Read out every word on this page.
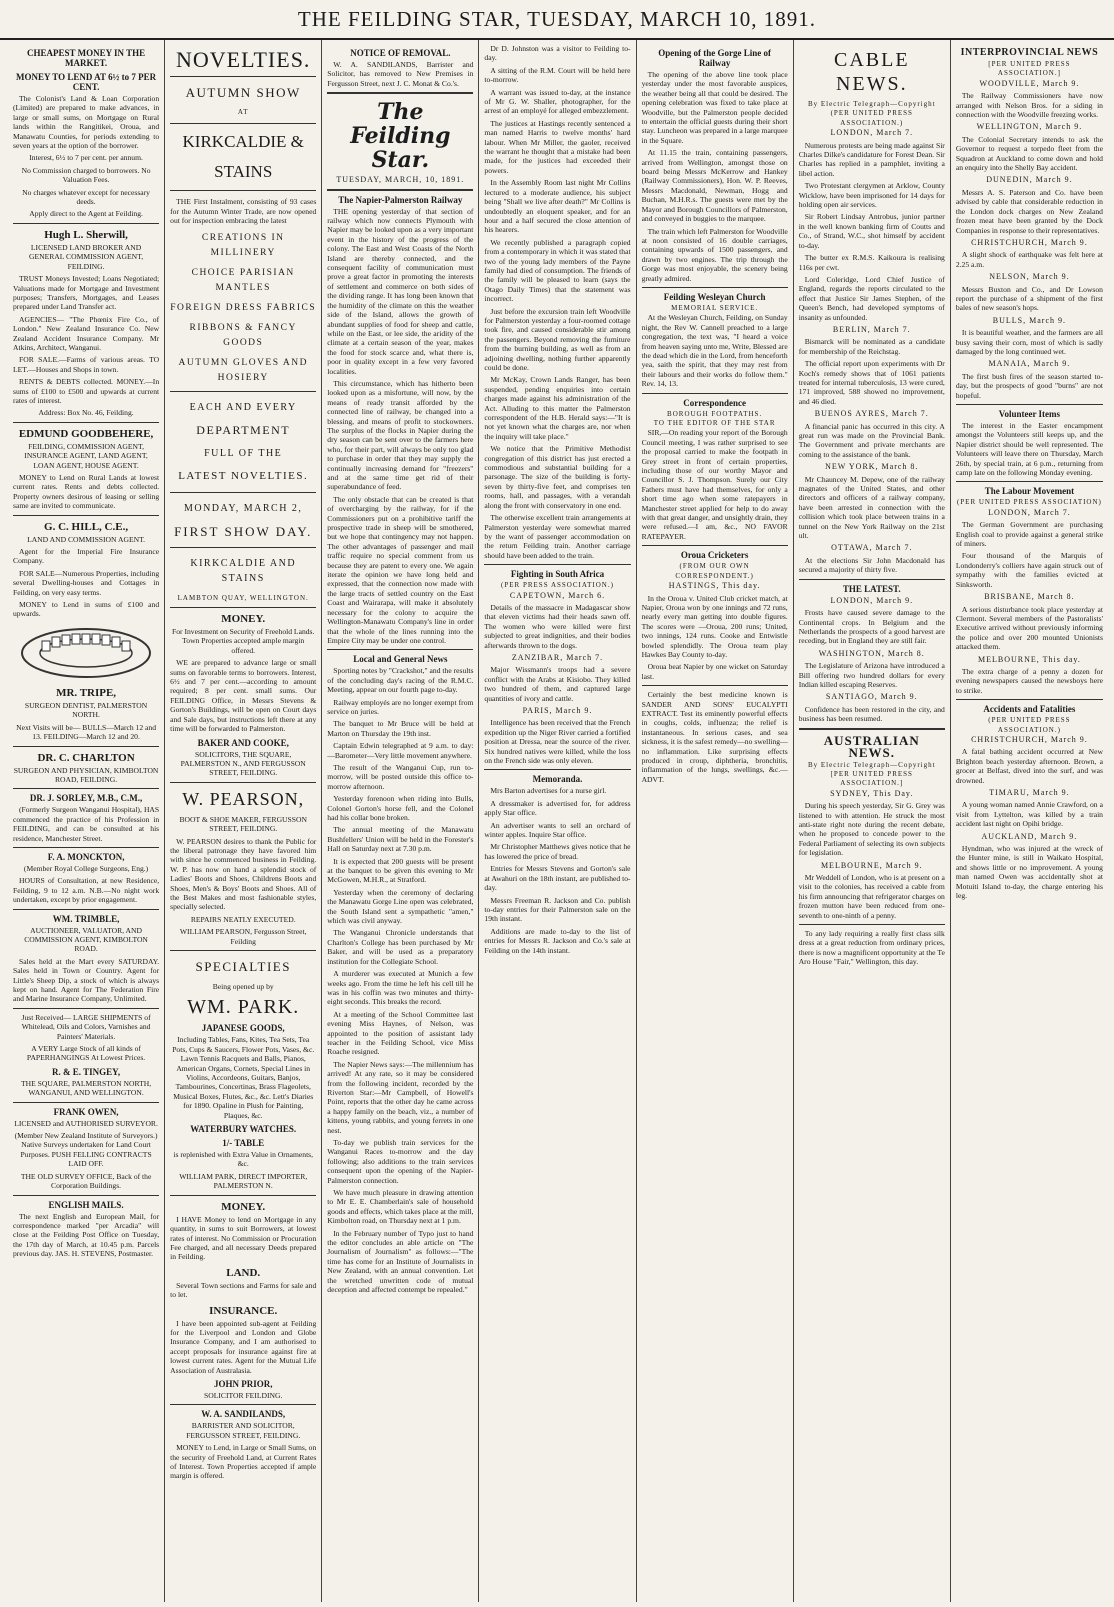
THE FEILDING STAR, TUESDAY, MARCH 10, 1891.
CHEAPEST MONEY IN THE MARKET.
MONEY TO LEND AT 6½ to 7 PER CENT.

The Colonist's Land & Loan Corporation (Limited) are prepared to make advances, in large or small sums, on Mortgage on Rural lands within the Rangitikei, Oroua, and Manawatu Counties, for periods extending to seven years at the option of the borrower.

Interest, 6½ to 7 per cent. per annum.

No Commission charged to borrowers. No Valuation Fees.

No charges whatever except for necessary deeds.

Apply direct to the Agent at Feilding.

Hugh L. Sherwill,

LICENSED LAND BROKER AND GENERAL COMMISSION AGENT, FEILDING.

TRUST Moneys Invested; Loans Negotiated; Valuations made for Mortgage and Investment purposes; Transfers, Mortgages, and Leases prepared under Land Transfer act.

AGENCIES— "The Phœnix Fire Co., of London." New Zealand Insurance Co. New Zealand Accident Insurance Company. Mr Atkins, Architect, Wanganui.

FOR SALE.—Farms of various areas. TO LET.—Houses and Shops in town.

RENTS & DEBTS collected. MONEY.—In sums of £100 to £500 and upwards at current rates of interest.

Address: Box No. 46, Feilding.

EDMUND GOODBEHERE,

FEILDING, COMMISSION AGENT, INSURANCE AGENT, LAND AGENT, LOAN AGENT, HOUSE AGENT.

MONEY to Lend on Rural Lands at lowest current rates. Rents and debts collected. Property owners desirous of leasing or selling same are invited to communicate.

G. C. HILL, C.E.,

LAND AND COMMISSION AGENT.

Agent for the Imperial Fire Insurance Company.

FOR SALE—Numerous Properties, including several Dwelling-houses and Cottages in Feilding, on very easy terms.

MONEY to Lend in sums of £100 and upwards.

MR. TRIPE,

SURGEON DENTIST, PALMERSTON NORTH.

Next Visits will be— BULLS—March 12 and 13. FEILDING—March 12 and 20.

DR. C. CHARLTON

SURGEON AND PHYSICIAN, KIMBOLTON ROAD, FEILDING.

DR. J. SORLEY, M.B., C.M.,

(Formerly Surgeon Wanganui Hospital), HAS commenced the practice of his Profession in FEILDING, and can be consulted at his residence, Manchester Street.

F. A. MONCKTON,

(Member Royal College Surgeons, Eng.)

HOURS of Consultation, at new Residence, Feilding, 9 to 12 a.m. N.B.—No night work undertaken, except by prior engagement.

WM. TRIMBLE,

AUCTIONEER, VALUATOR, AND COMMISSION AGENT, KIMBOLTON ROAD.

Sales held at the Mart every SATURDAY. Sales held in Town or Country. Agent for Little's Sheep Dip, a stock of which is always kept on hand. Agent for The Federation Fire and Marine Insurance Company, Unlimited.

Just Received— LARGE SHIPMENTS of Whitelead, Oils and Colors, Varnishes and Painters' Materials.

A VERY Large Stock of all kinds of PAPERHANGINGS At Lowest Prices.

R. & E. TINGEY,

THE SQUARE, PALMERSTON NORTH, WANGANUI, AND WELLINGTON.

FRANK OWEN,

LICENSED and AUTHORISED SURVEYOR.

(Member New Zealand Institute of Surveyors.) Native Surveys undertaken for Land Court Purposes. PUSH FELLING CONTRACTS LAID OFF.

THE OLD SURVEY OFFICE, Back of the Corporation Buildings.

ENGLISH MAILS.

The next English and European Mail, for correspondence marked "per Arcadia" will close at the Feilding Post Office on Tuesday, the 17th day of March, at 10.45 p.m. Parcels previous day. JAS. H. STEVENS, Postmaster.

NOVELTIES.
AUTUMN SHOW
AT
KIRKCALDIE & STAINS

THE First Instalment, consisting of 93 cases for the Autumn Winter Trade, are now opened out for inspection embracing the latest

CREATIONS IN MILLINERY
CHOICE PARISIAN MANTLES
FOREIGN DRESS FABRICS
RIBBONS & FANCY GOODS
AUTUMN GLOVES AND HOSIERY
EACH AND EVERY
DEPARTMENT
FULL OF THE
LATEST NOVELTIES.
MONDAY, MARCH 2,
FIRST SHOW DAY.
KIRKCALDIE AND STAINS
LAMBTON QUAY, WELLINGTON.
MONEY.

For Investment on Security of Freehold Lands. Town Properties accepted ample margin offered.

WE are prepared to advance large or small sums on favorable terms to borrowers. Interest, 6½ and 7 per cent.—according to amount required; 8 per cent. small sums. Our FEILDING Office, in Messrs Stevens & Gorton's Buildings, will be open on Court days and Sale days, but instructions left there at any time will be forwarded to Palmerston.

BAKER AND COOKE,

SOLICITORS, THE SQUARE, PALMERSTON N., AND FERGUSSON STREET, FEILDING.

W. PEARSON,

BOOT & SHOE MAKER, FERGUSSON STREET, FEILDING.

W. PEARSON desires to thank the Public for the liberal patronage they have favored him with since he commenced business in Feilding. W. P. has now on hand a splendid stock of Ladies' Boots and Shoes, Childrens Boots and Shoes, Men's & Boys' Boots and Shoes. All of the Best Makes and most fashionable styles, specially selected.

REPAIRS NEATLY EXECUTED.

WILLIAM PEARSON, Fergusson Street, Feilding

SPECIALTIES

Being opened up by

WM. PARK.
JAPANESE GOODS,

Including Tables, Fans, Kites, Tea Sets, Tea Pots, Cups & Saucers, Flower Pots, Vases, &c. Lawn Tennis Racquets and Balls, Pianos, American Organs, Cornets, Special Lines in Violins, Accordeons, Guitars, Banjos, Tambourines, Concertinas, Brass Flageolets, Musical Boxes, Flutes, &c., &c. Lett's Diaries for 1890. Opaline in Plush for Painting, Plaques, &c.

WATERBURY WATCHES.
1/- TABLE

is replenished with Extra Value in Ornaments, &c.

WILLIAM PARK, DIRECT IMPORTER, PALMERSTON N.

MONEY.

I HAVE Money to lend on Mortgage in any quantity, in sums to suit Borrowers, at lowest rates of interest. No Commission or Procuration Fee charged, and all necessary Deeds prepared in Feilding.

LAND.

Several Town sections and Farms for sale and to let.

INSURANCE.

I have been appointed sub-agent at Feilding for the Liverpool and London and Globe Insurance Company, and I am authorised to accept proposals for insurance against fire at lowest current rates. Agent for the Mutual Life Association of Australasia.

JOHN PRIOR,

SOLICITOR FEILDING.

W. A. SANDILANDS,

BARRISTER AND SOLICITOR, FERGUSSON STREET, FEILDING.

MONEY to Lend, in Large or Small Sums, on the security of Freehold Land, at Current Rates of Interest. Town Properties accepted if ample margin is offered.

NOTICE OF REMOVAL.

W. A. SANDILANDS, Barrister and Solicitor, has removed to New Premises in Fergusson Street, next J. C. Monat & Co.'s.

The Feilding Star.
TUESDAY, MARCH, 10, 1891.
The Napier-Palmerston Railway

THE opening yesterday of that section of railway which now connects Plymouth with Napier may be looked upon as a very important event in the history of the progress of the colony. The East and West Coasts of the North Island are thereby connected, and the consequent facility of communication must prove a great factor in promoting the interests of settlement and commerce on both sides of the dividing range. It has long been known that the humidity of the climate on this the weather side of the Island, allows the growth of abundant supplies of food for sheep and cattle, while on the East, or lee side, the aridity of the climate at a certain season of the year, makes the food for stock scarce and, what there is, poor in quality except in a few very favored localities.

This circumstance, which has hitherto been looked upon as a misfortune, will now, by the means of ready transit afforded by the connected line of railway, be changed into a blessing, and means of profit to stockowners. The surplus of the flocks in Napier during the dry season can be sent over to the farmers here who, for their part, will always be only too glad to purchase in order that they may supply the continually increasing demand for "freezers" and at the same time get rid of their superabundance of feed.

The only obstacle that can be created is that of overcharging by the railway, for if the Commissioners put on a prohibitive tariff the prospective trade in sheep will be smothered, but we hope that contingency may not happen. The other advantages of passenger and mail traffic require no special comment from us because they are patent to every one. We again iterate the opinion we have long held and expressed, that the connection now made with the large tracts of settled country on the East Coast and Wairarapa, will make it absolutely necessary for the colony to acquire the Wellington-Manawatu Company's line in order that the whole of the lines running into the Empire City may be under one control.

Local and General News

Sporting notes by "Crackshot," and the results of the concluding day's racing of the R.M.C. Meeting, appear on our fourth page to-day.

Railway employés are no longer exempt from service on juries.

The banquet to Mr Bruce will be held at Marton on Thursday the 19th inst.

Captain Edwin telegraphed at 9 a.m. to day:—Barometer—Very little movement anywhere.

The result of the Wanganui Cup, run to-morrow, will be posted outside this office to-morrow afternoon.

Yesterday forenoon when riding into Bulls, Colonel Gorton's horse fell, and the Colonel had his collar bone broken.

The annual meeting of the Manawatu Bushfellers' Union will be held in the Forester's Hall on Saturday next at 7.30 p.m.

It is expected that 200 guests will be present at the banquet to be given this evening to Mr McGowen, M.H.R., at Stratford.

Yesterday when the ceremony of declaring the Manawatu Gorge Line open was celebrated, the South Island sent a sympathetic "amen," which was civil anyway.

The Wanganui Chronicle understands that Charlton's College has been purchased by Mr Baker, and will be used as a preparatory institution for the Collegiate School.

A murderer was executed at Munich a few weeks ago. From the time he left his cell till he was in his coffin was two minutes and thirty-eight seconds. This breaks the record.

At a meeting of the School Committee last evening Miss Haynes, of Nelson, was appointed to the position of assistant lady teacher in the Feilding School, vice Miss Roache resigned.

The Napier News says:—The millennium has arrived! At any rate, so it may be considered from the following incident, recorded by the Riverton Star:—Mr Campbell, of Howell's Point, reports that the other day he came across a happy family on the beach, viz., a number of kittens, young rabbits, and young ferrets in one nest.

To-day we publish train services for the Wanganui Races to-morrow and the day following; also additions to the train services consequent upon the opening of the Napier-Palmerston connection.

We have much pleasure in drawing attention to Mr E. E. Chamberlain's sale of household goods and effects, which takes place at the mill, Kimbolton road, on Thursday next at 1 p.m.

In the February number of Typo just to hand the editor concludes an able article on "The Journalism of Journalism" as follows:—"The time has come for an Institute of Journalists in New Zealand, with an annual convention. Let the wretched unwritten code of mutual deception and affected contempt be repealed."

Dr D. Johnston was a visitor to Feilding to-day.

A sitting of the R.M. Court will be held here to-morrow.

A warrant was issued to-day, at the instance of Mr G. W. Shaller, photographer, for the arrest of an employé for alleged embezzlement.

The justices at Hastings recently sentenced a man named Harris to twelve months' hard labour. When Mr Miller, the gaoler, received the warrant he thought that a mistake had been made, for the justices had exceeded their powers.

In the Assembly Room last night Mr Collins lectured to a moderate audience, his subject being "Shall we live after death?" Mr Collins is undoubtedly an eloquent speaker, and for an hour and a half secured the close attention of his hearers.

We recently published a paragraph copied from a contemporary in which it was stated that two of the young lady members of the Payne family had died of consumption. The friends of the family will be pleased to learn (says the Otago Daily Times) that the statement was incorrect.

Just before the excursion train left Woodville for Palmerston yesterday a four-roomed cottage took fire, and caused considerable stir among the passengers. Beyond removing the furniture from the burning building, as well as from an adjoining dwelling, nothing further apparently could be done.

Mr McKay, Crown Lands Ranger, has been suspended, pending enquiries into certain charges made against his administration of the Act. Alluding to this matter the Palmerston correspondent of the H.B. Herald says:—"It is not yet known what the charges are, nor when the inquiry will take place."

We notice that the Primitive Methodist congregation of this district has just erected a commodious and substantial building for a parsonage. The size of the building is forty-seven by thirty-five feet, and comprises ten rooms, hall, and passages, with a verandah along the front with conservatory in one end.

The otherwise excellent train arrangements at Palmerston yesterday were somewhat marred by the want of passenger accommodation on the return Feilding train. Another carriage should have been added to the train.

Fighting in South Africa

(PER PRESS ASSOCIATION.)

CAPETOWN, March 6.

Details of the massacre in Madagascar show that eleven victims had their heads sawn off. The women who were killed were first subjected to great indignities, and their bodies afterwards thrown to the dogs.

ZANZIBAR, March 7.

Major Wissmann's troops had a severe conflict with the Arabs at Kisiobo. They killed two hundred of them, and captured large quantities of ivory and cattle.

PARIS, March 9.

Intelligence has been received that the French expedition up the Niger River carried a fortified position at Dressa, near the source of the river. Six hundred natives were killed, while the loss on the French side was only eleven.

Memoranda.

Mrs Barton advertises for a nurse girl.

A dressmaker is advertised for, for address apply Star office.

An advertiser wants to sell an orchard of winter apples. Inquire Star office.

Mr Christopher Matthews gives notice that he has lowered the price of bread.

Entries for Messrs Stevens and Gorton's sale at Awahuri on the 18th instant, are published to-day.

Messrs Freeman R. Jackson and Co. publish to-day entries for their Palmerston sale on the 19th instant.

Additions are made to-day to the list of entries for Messrs R. Jackson and Co.'s sale at Feilding on the 14th instant.

Opening of the Gorge Line of Railway

The opening of the above line took place yesterday under the most favorable auspices, the weather being all that could be desired. The opening celebration was fixed to take place at Woodville, but the Palmerston people decided to entertain the official guests during their short stay. Luncheon was prepared in a large marquee in the Square.

At 11.15 the train, containing passengers, arrived from Wellington, amongst those on board being Messrs McKerrow and Hankey (Railway Commissioners), Hon. W. P. Reeves, Messrs Macdonald, Newman, Hogg and Buchan, M.H.R.s. The guests were met by the Mayor and Borough Councillors of Palmerston, and conveyed in buggies to the marquee.

The train which left Palmerston for Woodville at noon consisted of 16 double carriages, containing upwards of 1500 passengers, and drawn by two engines. The trip through the Gorge was most enjoyable, the scenery being greatly admired.

Feilding Wesleyan Church

MEMORIAL SERVICE.

At the Wesleyan Church, Feilding, on Sunday night, the Rev W. Cannell preached to a large congregation, the text was, "I heard a voice from heaven saying unto me, Write, Blessed are the dead which die in the Lord, from henceforth yea, saith the spirit, that they may rest from their labours and their works do follow them." Rev. 14, 13.

Correspondence

BOROUGH FOOTPATHS.

TO THE EDITOR OF THE STAR

SIR,—On reading your report of the Borough Council meeting, I was rather surprised to see the proposal carried to make the footpath in Grey street in front of certain properties, including those of our worthy Mayor and Councillor S. J. Thompson. Surely our City Fathers must have had themselves, for only a short time ago when some ratepayers in Manchester street applied for help to do away with that great danger, and unsightly drain, they were refused.—I am, &c., NO FAVOR RATEPAYER.

Oroua Cricketers

(FROM OUR OWN CORRESPONDENT.)

HASTINGS, This day.

In the Oroua v. United Club cricket match, at Napier, Oroua won by one innings and 72 runs, nearly every man getting into double figures. The scores were —Oroua, 200 runs; United, two innings, 124 runs. Cooke and Entwistle bowled splendidly. The Oroua team play Hawkes Bay County to-day.

Oroua beat Napier by one wicket on Saturday last.

Certainly the best medicine known is SANDER AND SONS' EUCALYPTI EXTRACT. Test its eminently powerful effects in coughs, colds, influenza; the relief is instantaneous. In serious cases, and sea sickness, it is the safest remedy—no swelling—no inflammation. Like surprising effects produced in croup, diphtheria, bronchitis, inflammation of the lungs, swellings, &c.—ADVT.

CABLE NEWS.

By Electric Telegraph—Copyright

(PER UNITED PRESS ASSOCIATION.)

LONDON, March 7.

Numerous protests are being made against Sir Charles Dilke's candidature for Forest Dean. Sir Charles has replied in a pamphlet, inviting a libel action.

Two Protestant clergymen at Arklow, County Wicklow, have been imprisoned for 14 days for holding open air services.

Sir Robert Lindsay Antrobus, junior partner in the well known banking firm of Coutts and Co., of Strand, W.C., shot himself by accident to-day.

The butter ex R.M.S. Kaikoura is realising 116s per cwt.

Lord Coleridge, Lord Chief Justice of England, regards the reports circulated to the effect that Justice Sir James Stephen, of the Queen's Bench, had developed symptoms of insanity as unfounded.

BERLIN, March 7.

Bismarck will be nominated as a candidate for membership of the Reichstag.

The official report upon experiments with Dr Koch's remedy shows that of 1061 patients treated for internal tuberculosis, 13 were cured, 171 improved, 588 showed no improvement, and 46 died.

BUENOS AYRES, March 7.

A financial panic has occurred in this city. A great run was made on the Provincial Bank. The Government and private merchants are coming to the assistance of the bank.

NEW YORK, March 8.

Mr Chauncey M. Depew, one of the railway magnates of the United States, and other directors and officers of a railway company, have been arrested in connection with the collision which took place between trains in a tunnel on the New York Railway on the 21st ult.

OTTAWA, March 7.

At the elections Sir John Macdonald has secured a majority of thirty five.

THE LATEST.

LONDON, March 9.

Frosts have caused severe damage to the Continental crops. In Belgium and the Netherlands the prospects of a good harvest are receding, but in England they are still fair.

WASHINGTON, March 8.

The Legislature of Arizona have introduced a Bill offering two hundred dollars for every Indian killed escaping Reserves.

SANTIAGO, March 9.

Confidence has been restored in the city, and business has been resumed.

AUSTRALIAN NEWS.

By Electric Telegraph—Copyright

[PER UNITED PRESS ASSOCIATION.]

SYDNEY, This Day.

During his speech yesterday, Sir G. Grey was listened to with attention. He struck the most anti-state right note during the recent debate, when he proposed to concede power to the Federal Parliament of selecting its own subjects for legislation.

MELBOURNE, March 9.

Mr Weddell of London, who is at present on a visit to the colonies, has received a cable from his firm announcing that refrigerator charges on frozen mutton have been reduced from one-seventh to one-ninth of a penny.

To any lady requiring a really first class silk dress at a great reduction from ordinary prices, there is now a magnificent opportunity at the Te Aro House "Fair," Wellington, this day.

INTERPROVINCIAL NEWS

[PER UNITED PRESS ASSOCIATION.]

WOODVILLE, March 9.

The Railway Commissioners have now arranged with Nelson Bros. for a siding in connection with the Woodville freezing works.

WELLINGTON, March 9.

The Colonial Secretary intends to ask the Governor to request a torpedo fleet from the Squadron at Auckland to come down and hold an enquiry into the Shelly Bay accident.

DUNEDIN, March 9.

Messrs A. S. Paterson and Co. have been advised by cable that considerable reduction in the London dock charges on New Zealand frozen meat have been granted by the Dock Companies in response to their representatives.

CHRISTCHURCH, March 9.

A slight shock of earthquake was felt here at 2.25 a.m.

NELSON, March 9.

Messrs Buxton and Co., and Dr Lowson report the purchase of a shipment of the first bales of new season's hops.

BULLS, March 9.

It is beautiful weather, and the farmers are all busy saving their corn, most of which is sadly damaged by the long continued wet.

MANAIA, March 9.

The first bush fires of the season started to-day, but the prospects of good "burns" are not hopeful.

Volunteer Items

The interest in the Easter encampment amongst the Volunteers still keeps up, and the Napier district should be well represented. The Volunteers will leave there on Thursday, March 26th, by special train, at 6 p.m., returning from camp late on the following Monday evening.

The Labour Movement

(PER UNITED PRESS ASSOCIATION)

LONDON, March 7.

The German Government are purchasing English coal to provide against a general strike of miners.

Four thousand of the Marquis of Londonderry's colliers have again struck out of sympathy with the families evicted at Sinksworth.

BRISBANE, March 8.

A serious disturbance took place yesterday at Clermont. Several members of the Pastoralists' Executive arrived without previously informing the police and over 200 mounted Unionists attacked them.

MELBOURNE, This day.

The extra charge of a penny a dozen for evening newspapers caused the newsboys here to strike.

Accidents and Fatalities

(PER UNITED PRESS ASSOCIATION.)

CHRISTCHURCH, March 9.

A fatal bathing accident occurred at New Brighton beach yesterday afternoon. Brown, a grocer at Belfast, dived into the surf, and was drowned.

TIMARU, March 9.

A young woman named Annie Crawford, on a visit from Lyttelton, was killed by a train accident last night on Opihi bridge.

AUCKLAND, March 9.

Hyndman, who was injured at the wreck of the Hunter mine, is still in Waikato Hospital, and shows little or no improvement. A young man named Owen was accidentally shot at Motuiti Island to-day, the charge entering his leg.
